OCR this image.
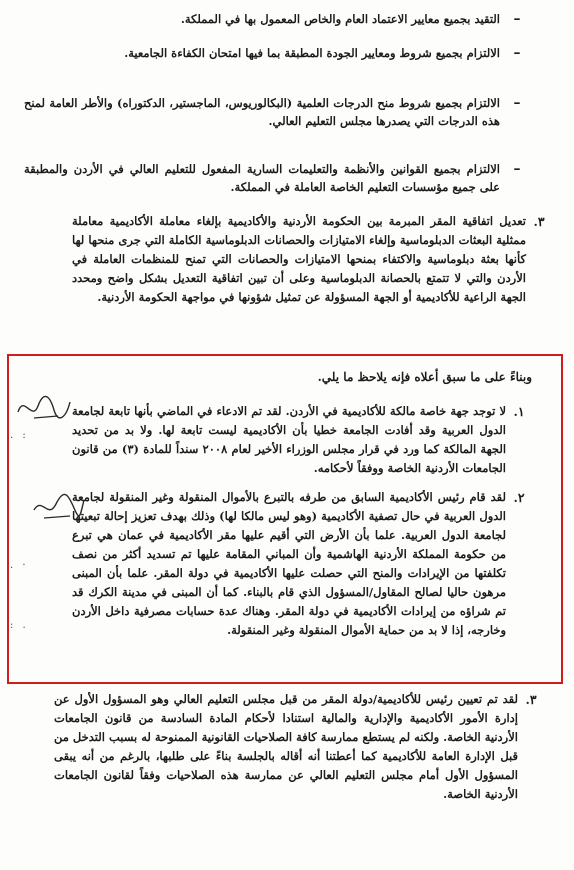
–
التقيد بجميع معايير الاعتماد العام والخاص المعمول بها في المملكة.
–
الالتزام بجميع شروط ومعايير الجودة المطبقة بما فيها امتحان الكفاءة الجامعية.
–
الالتزام بجميع شروط منح الدرجات العلمية (البكالوريوس، الماجستير، الدكتوراه) والأطر العامة لمنح هذه الدرجات التي يصدرها مجلس التعليم العالي.
–
الالتزام بجميع القوانين والأنظمة والتعليمات السارية المفعول للتعليم العالي في الأردن والمطبقة على جميع مؤسسات التعليم الخاصة العاملة في المملكة.
٣.
تعديل اتفاقية المقر المبرمة بين الحكومة الأردنية والأكاديمية بإلغاء معاملة الأكاديمية معاملة ممثلية البعثات الدبلوماسية وإلغاء الامتيازات والحصانات الدبلوماسية الكاملة التي جرى منحها لها كأنها بعثة دبلوماسية والاكتفاء بمنحها الامتيازات والحصانات التي تمنح للمنظمات العاملة في الأردن والتي لا تتمتع بالحصانة الدبلوماسية وعلى أن تبين اتفاقية التعديل بشكل واضح ومحدد الجهة الراعية للأكاديمية أو الجهة المسؤولة عن تمثيل شؤونها في مواجهة الحكومة الأردنية.
وبناءً على ما سبق أعلاه فإنه يلاحظ ما يلي.
١.
لا توجد جهة خاصة مالكة للأكاديمية في الأردن. لقد تم الادعاء في الماضي بأنها تابعة لجامعة الدول العربية وقد أفادت الجامعة خطيا بأن الأكاديمية ليست تابعة لها. ولا بد من تحديد الجهة المالكة كما ورد في قرار مجلس الوزراء الأخير لعام ٢٠٠٨ سنداً للمادة (٣) من قانون الجامعات الأردنية الخاصة ووفقاً لأحكامه.
٢.
لقد قام رئيس الأكاديمية السابق من طرفه بالتبرع بالأموال المنقولة وغير المنقولة لجامعة الدول العربية في حال تصفية الأكاديمية (وهو ليس مالكا لها) وذلك بهدف تعزيز إحالة تبعيتها لجامعة الدول العربية. علما بأن الأرض التي أقيم عليها مقر الأكاديمية في عمان هي تبرع من حكومة المملكة الأردنية الهاشمية وأن المباني المقامة عليها تم تسديد أكثر من نصف تكلفتها من الإيرادات والمنح التي حصلت عليها الأكاديمية في دولة المقر. علما بأن المبنى مرهون حاليا لصالح المقاول/المسؤول الذي قام بالبناء. كما أن المبنى في مدينة الكرك قد تم شراؤه من إيرادات الأكاديمية في دولة المقر. وهناك عدة حسابات مصرفية داخل الأردن وخارجه، إذا لا بد من حماية الأموال المنقولة وغير المنقولة.
. :
. ·
: .
٣.
لقد تم تعيين رئيس للأكاديمية/دولة المقر من قبل مجلس التعليم العالي وهو المسؤول الأول عن إدارة الأمور الأكاديمية والإدارية والمالية استنادا لأحكام المادة السادسة من قانون الجامعات الأردنية الخاصة. ولكنه لم يستطع ممارسة كافة الصلاحيات القانونية الممنوحة له بسبب التدخل من قبل الإدارة العامة للأكاديمية كما أعطتنا أنه أقاله بالجلسة بناءً على طلبها، بالرغم من أنه يبقى المسؤول الأول أمام مجلس التعليم العالي عن ممارسة هذه الصلاحيات وفقاً لقانون الجامعات الأردنية الخاصة.
